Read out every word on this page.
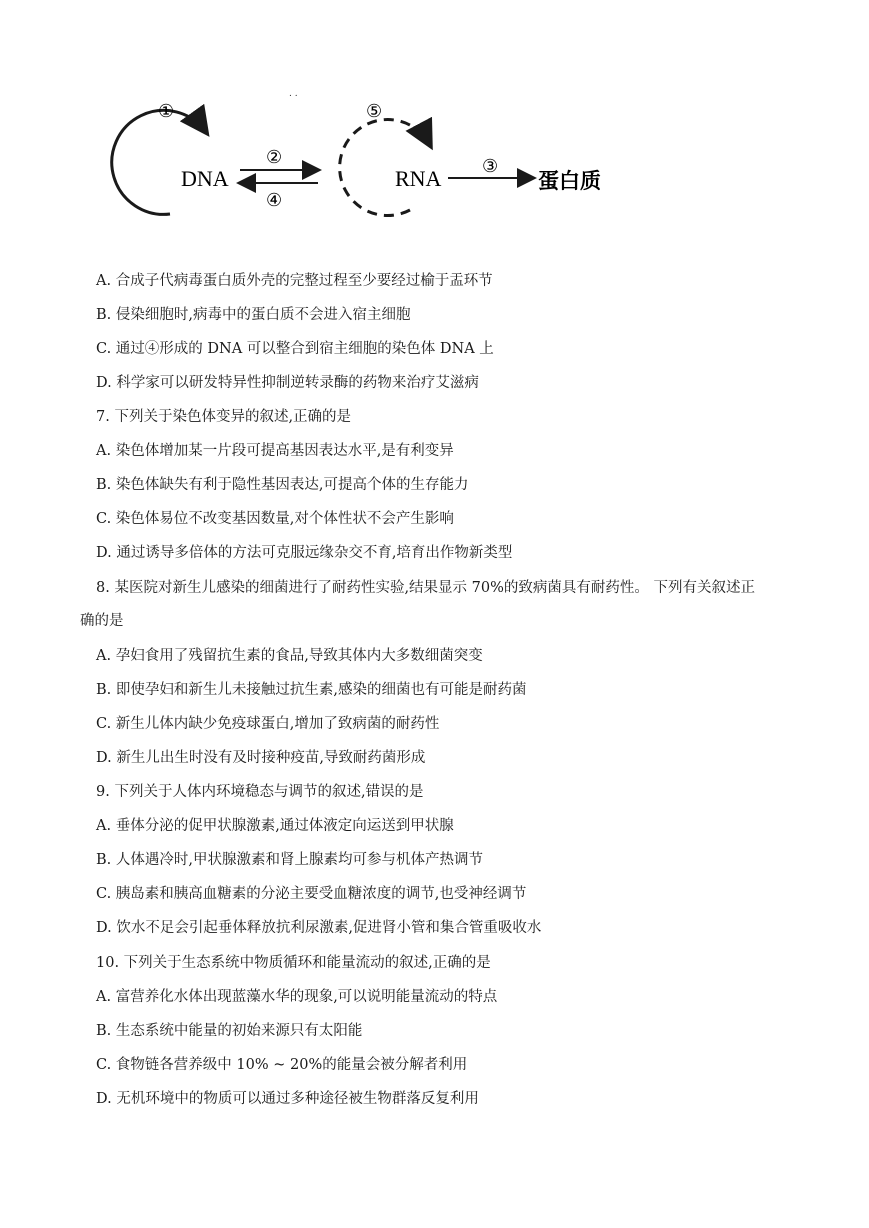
. .
①
DNA
②
④
⑤
RNA ③
蛋白质
A. 合成子代病毒蛋白质外壳的完整过程至少要经过榆于盂环节
B. 侵染细胞时,病毒中的蛋白质不会进入宿主细胞
C. 通过④形成的 DNA 可以整合到宿主细胞的染色体 DNA 上
D. 科学家可以研发特异性抑制逆转录酶的药物来治疗艾滋病
7. 下列关于染色体变异的叙述,正确的是
A. 染色体增加某一片段可提高基因表达水平,是有利变异
B. 染色体缺失有利于隐性基因表达,可提高个体的生存能力
C. 染色体易位不改变基因数量,对个体性状不会产生影响
D. 通过诱导多倍体的方法可克服远缘杂交不育,培育出作物新类型
8. 某医院对新生儿感染的细菌进行了耐药性实验,结果显示 70%的致病菌具有耐药性。 下列有关叙述正
确的是
A. 孕妇食用了残留抗生素的食品,导致其体内大多数细菌突变
B. 即使孕妇和新生儿未接触过抗生素,感染的细菌也有可能是耐药菌
C. 新生儿体内缺少免疫球蛋白,增加了致病菌的耐药性
D. 新生儿出生时没有及时接种疫苗,导致耐药菌形成
9. 下列关于人体内环境稳态与调节的叙述,错误的是
A. 垂体分泌的促甲状腺激素,通过体液定向运送到甲状腺
B. 人体遇冷时,甲状腺激素和肾上腺素均可参与机体产热调节
C. 胰岛素和胰高血糖素的分泌主要受血糖浓度的调节,也受神经调节
D. 饮水不足会引起垂体释放抗利尿激素,促进肾小管和集合管重吸收水
10. 下列关于生态系统中物质循环和能量流动的叙述,正确的是
A. 富营养化水体出现蓝藻水华的现象,可以说明能量流动的特点
B. 生态系统中能量的初始来源只有太阳能
C. 食物链各营养级中 10% ~ 20%的能量会被分解者利用
D. 无机环境中的物质可以通过多种途径被生物群落反复利用
